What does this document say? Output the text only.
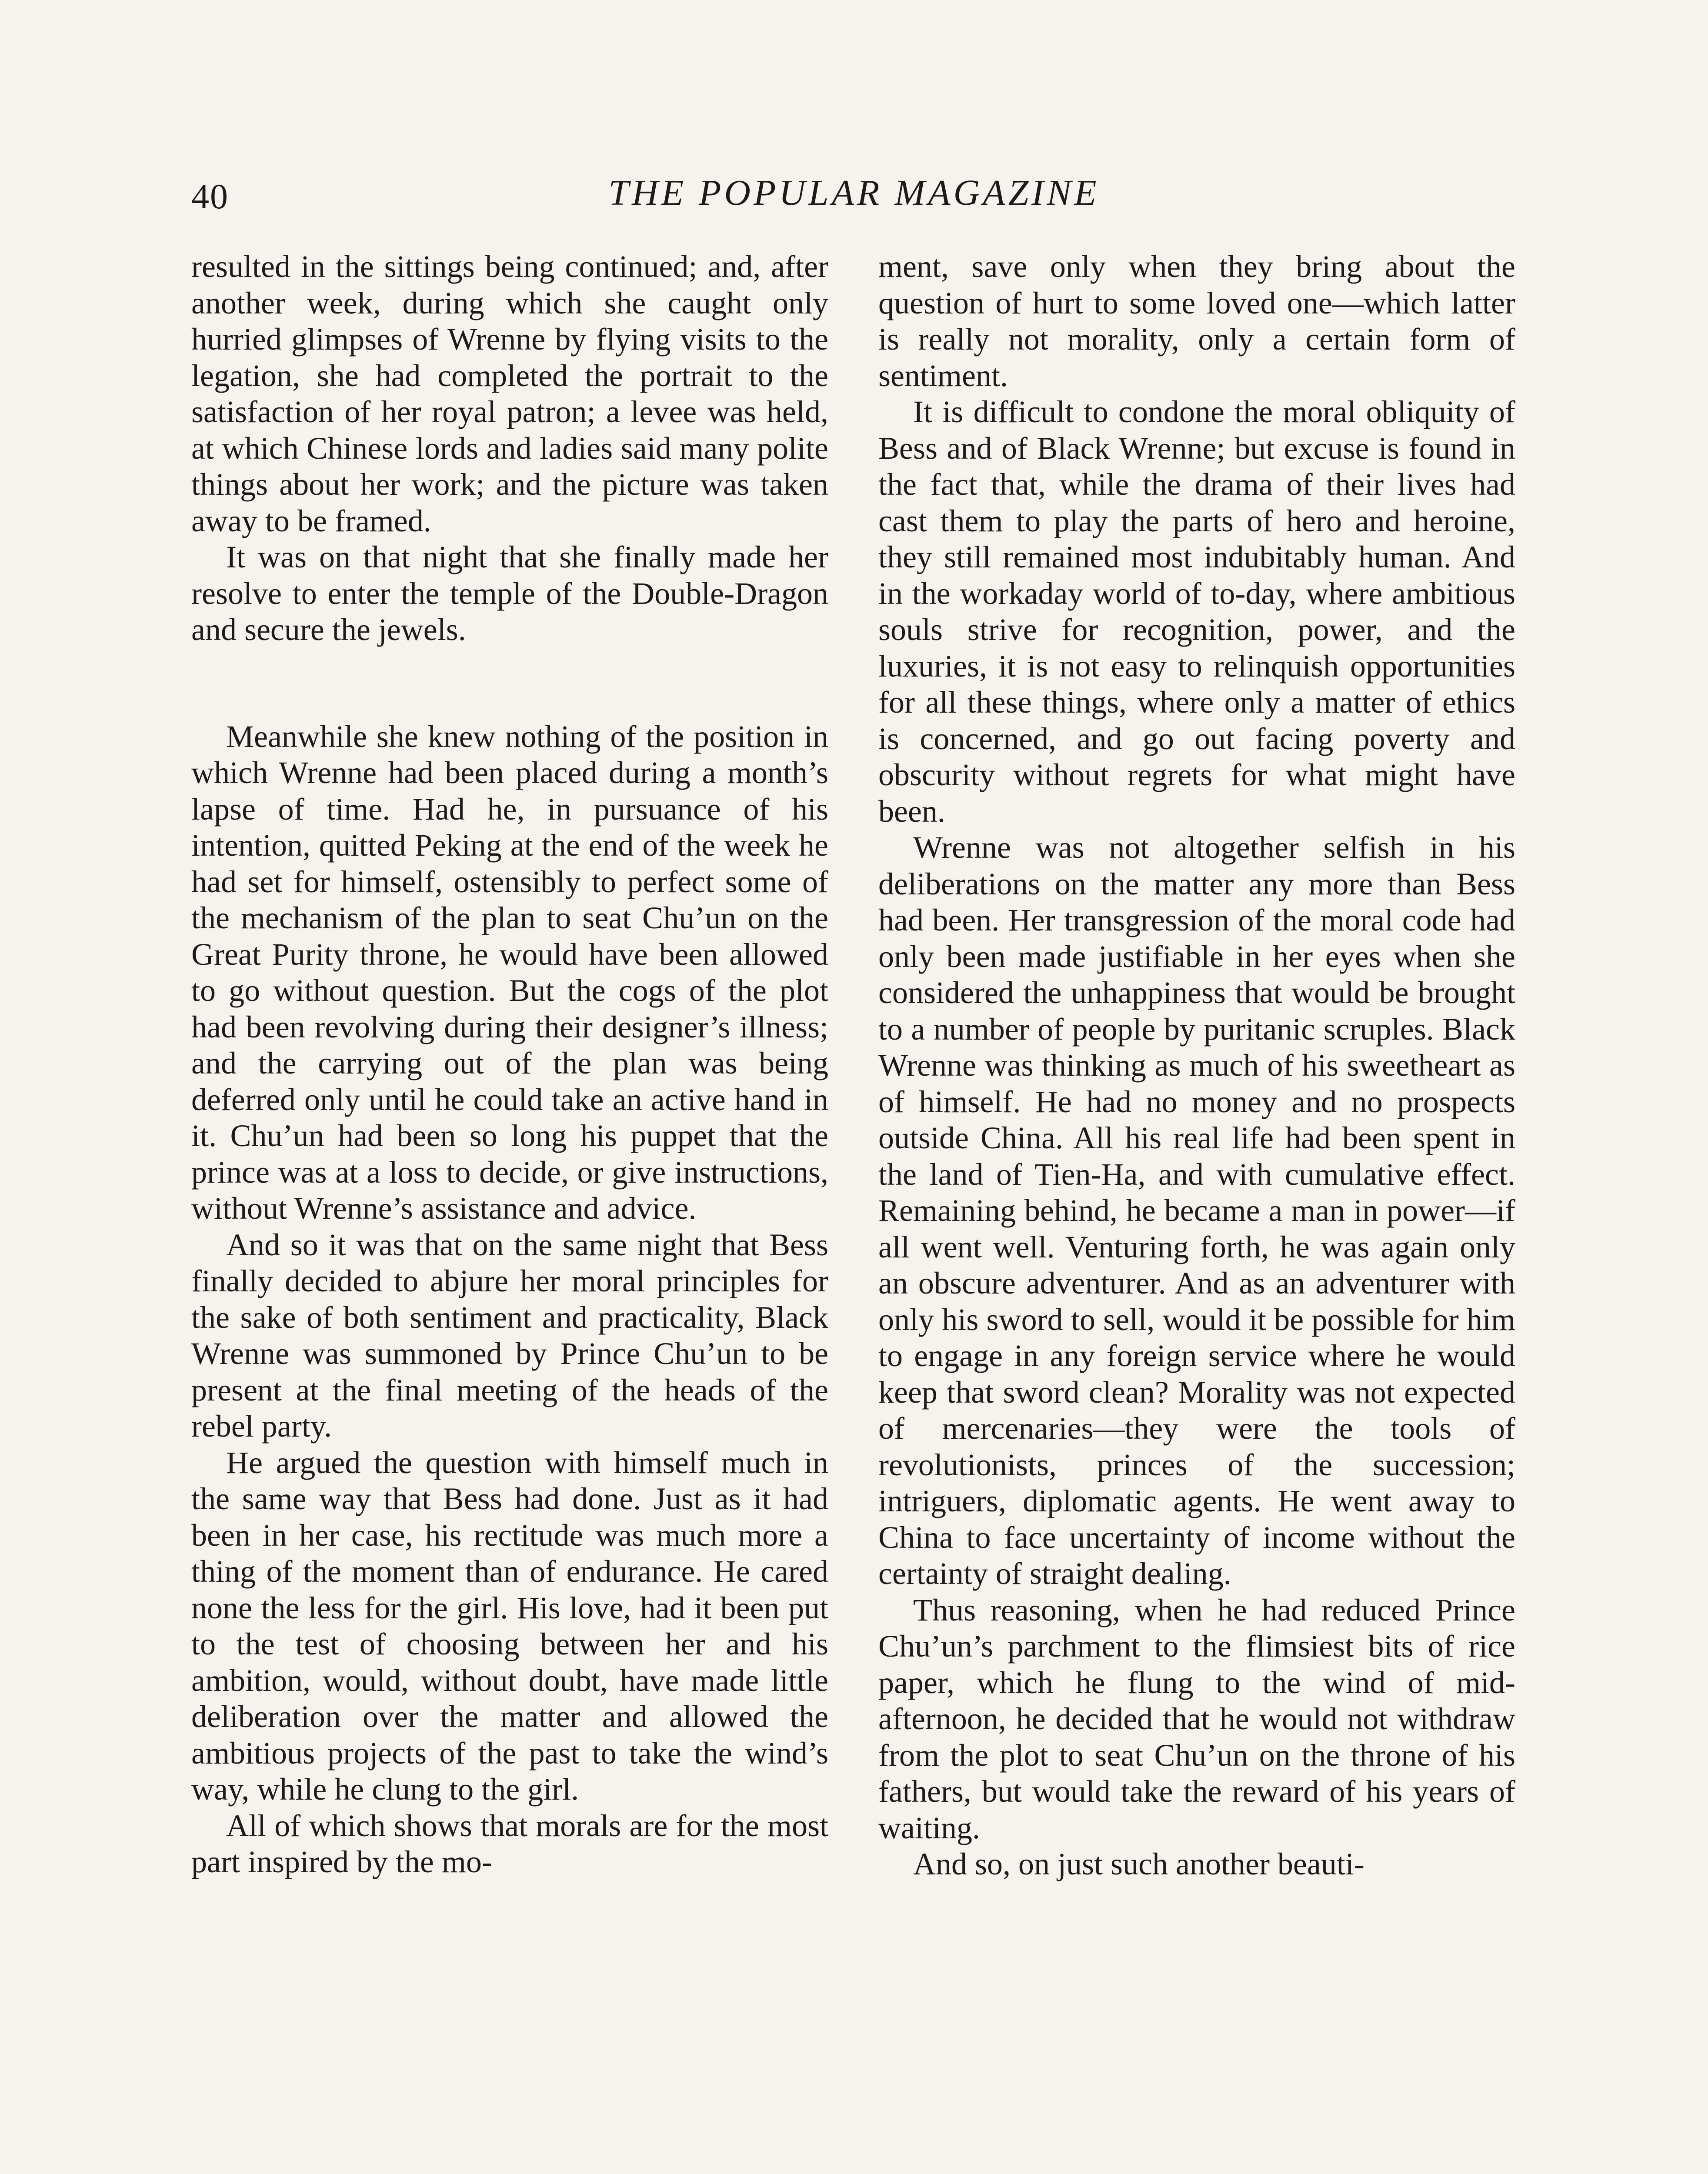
40	THE POPULAR MAGAZINE

resulted in the sittings being continued; and, after another week, during which she caught only hurried glimpses of Wrenne by flying visits to the legation, she had completed the portrait to the satisfaction of her royal patron; a levee was held, at which Chinese lords and ladies said many polite things about her work; and the picture was taken away to be framed.

It was on that night that she finally made her resolve to enter the temple of the Double-Dragon and secure the jewels.

Meanwhile she knew nothing of the position in which Wrenne had been placed during a month’s lapse of time. Had he, in pursuance of his intention, quitted Peking at the end of the week he had set for himself, ostensibly to perfect some of the mechanism of the plan to seat Chu’un on the Great Purity throne, he would have been allowed to go without question. But the cogs of the plot had been revolving during their designer’s illness; and the carrying out of the plan was being deferred only until he could take an active hand in it. Chu’un had been so long his puppet that the prince was at a loss to decide, or give instructions, without Wrenne’s assistance and advice.

And so it was that on the same night that Bess finally decided to abjure her moral principles for the sake of both sentiment and practicality, Black Wrenne was summoned by Prince Chu’un to be present at the final meeting of the heads of the rebel party.

He argued the question with himself much in the same way that Bess had done. Just as it had been in her case, his rectitude was much more a thing of the moment than of endurance. He cared none the less for the girl. His love, had it been put to the test of choosing between her and his ambition, would, without doubt, have made little deliberation over the matter and allowed the ambitious projects of the past to take the wind’s way, while he clung to the girl.

All of which shows that morals are for the most part inspired by the mo-

ment, save only when they bring about the question of hurt to some loved one—which latter is really not morality, only a certain form of sentiment.

It is difficult to condone the moral obliquity of Bess and of Black Wrenne; but excuse is found in the fact that, while the drama of their lives had cast them to play the parts of hero and heroine, they still remained most indubitably human. And in the workaday world of to-day, where ambitious souls strive for recognition, power, and the luxuries, it is not easy to relinquish opportunities for all these things, where only a matter of ethics is concerned, and go out facing poverty and obscurity without regrets for what might have been.

Wrenne was not altogether selfish in his deliberations on the matter any more than Bess had been. Her transgression of the moral code had only been made justifiable in her eyes when she considered the unhappiness that would be brought to a number of people by puritanic scruples. Black Wrenne was thinking as much of his sweetheart as of himself. He had no money and no prospects outside China. All his real life had been spent in the land of Tien-Ha, and with cumulative effect. Remaining behind, he became a man in power—if all went well. Venturing forth, he was again only an obscure adventurer. And as an adventurer with only his sword to sell, would it be possible for him to engage in any foreign service where he would keep that sword clean? Morality was not expected of mercenaries—they were the tools of revolutionists, princes of the succession; intriguers, diplomatic agents. He went away to China to face uncertainty of income without the certainty of straight dealing.

Thus reasoning, when he had reduced Prince Chu’un’s parchment to the flimsiest bits of rice paper, which he flung to the wind of mid-afternoon, he decided that he would not withdraw from the plot to seat Chu’un on the throne of his fathers, but would take the reward of his years of waiting.

And so, on just such another beauti-
